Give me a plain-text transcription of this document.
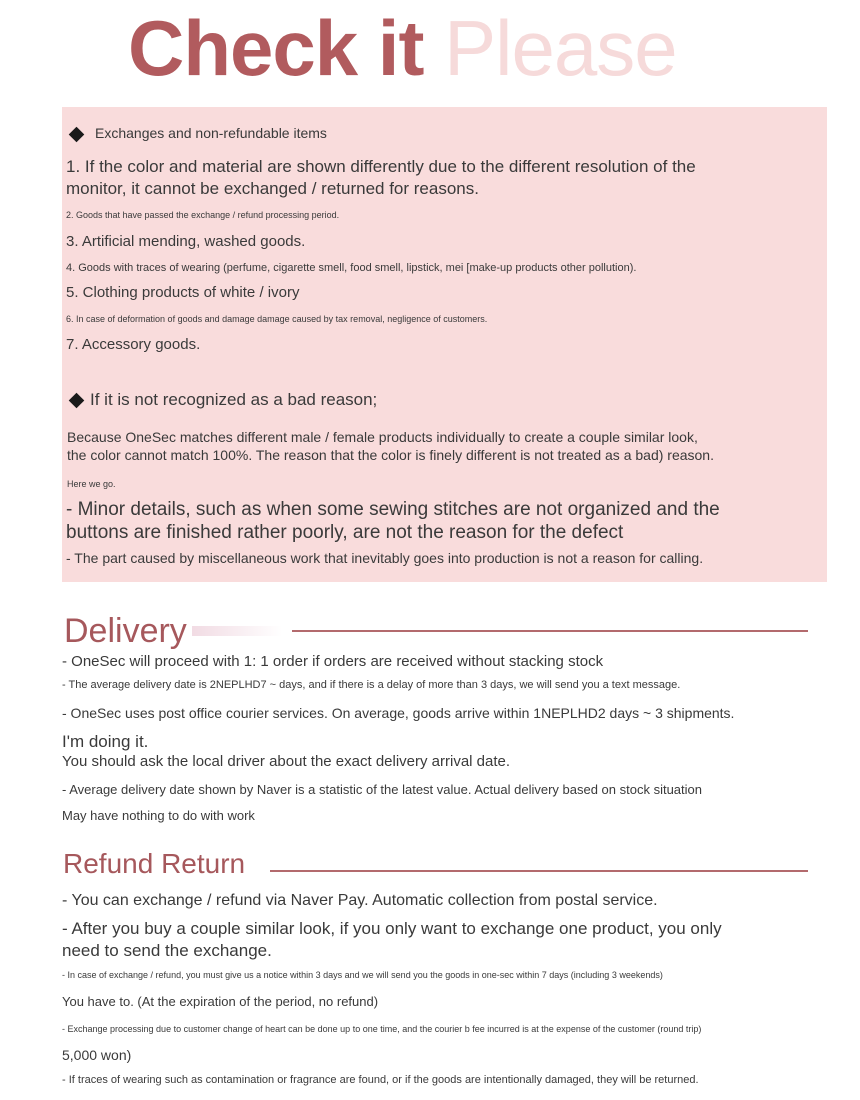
Check it Please
Exchanges and non-refundable items
1. If the color and material are shown differently due to the different resolution of the
monitor, it cannot be exchanged / returned for reasons.
2. Goods that have passed the exchange / refund processing period.
3. Artificial mending, washed goods.
4. Goods with traces of wearing (perfume, cigarette smell, food smell, lipstick, mei [make-up products other pollution).
5. Clothing products of white / ivory
6. In case of deformation of goods and damage damage caused by tax removal, negligence of customers.
7. Accessory goods.
If it is not recognized as a bad reason;
Because OneSec matches different male / female products individually to create a couple similar look,
the color cannot match 100%. The reason that the color is finely different is not treated as a bad) reason.
Here we go.
- Minor details, such as when some sewing stitches are not organized and the
buttons are finished rather poorly, are not the reason for the defect
- The part caused by miscellaneous work that inevitably goes into production is not a reason for calling.
Delivery
- OneSec will proceed with 1: 1 order if orders are received without stacking stock
- The average delivery date is 2NEPLHD7 ~ days, and if there is a delay of more than 3 days, we will send you a text message.
- OneSec uses post office courier services. On average, goods arrive within 1NEPLHD2 days ~ 3 shipments.
I'm doing it.
You should ask the local driver about the exact delivery arrival date.
- Average delivery date shown by Naver is a statistic of the latest value. Actual delivery based on stock situation
May have nothing to do with work
Refund Return
- You can exchange / refund via Naver Pay. Automatic collection from postal service.
- After you buy a couple similar look, if you only want to exchange one product, you only
need to send the exchange.
- In case of exchange / refund, you must give us a notice within 3 days and we will send you the goods in one-sec within 7 days (including 3 weekends)
You have to. (At the expiration of the period, no refund)
- Exchange processing due to customer change of heart can be done up to one time, and the courier b fee incurred is at the expense of the customer (round trip)
5,000 won)
- If traces of wearing such as contamination or fragrance are found, or if the goods are intentionally damaged, they will be returned.
